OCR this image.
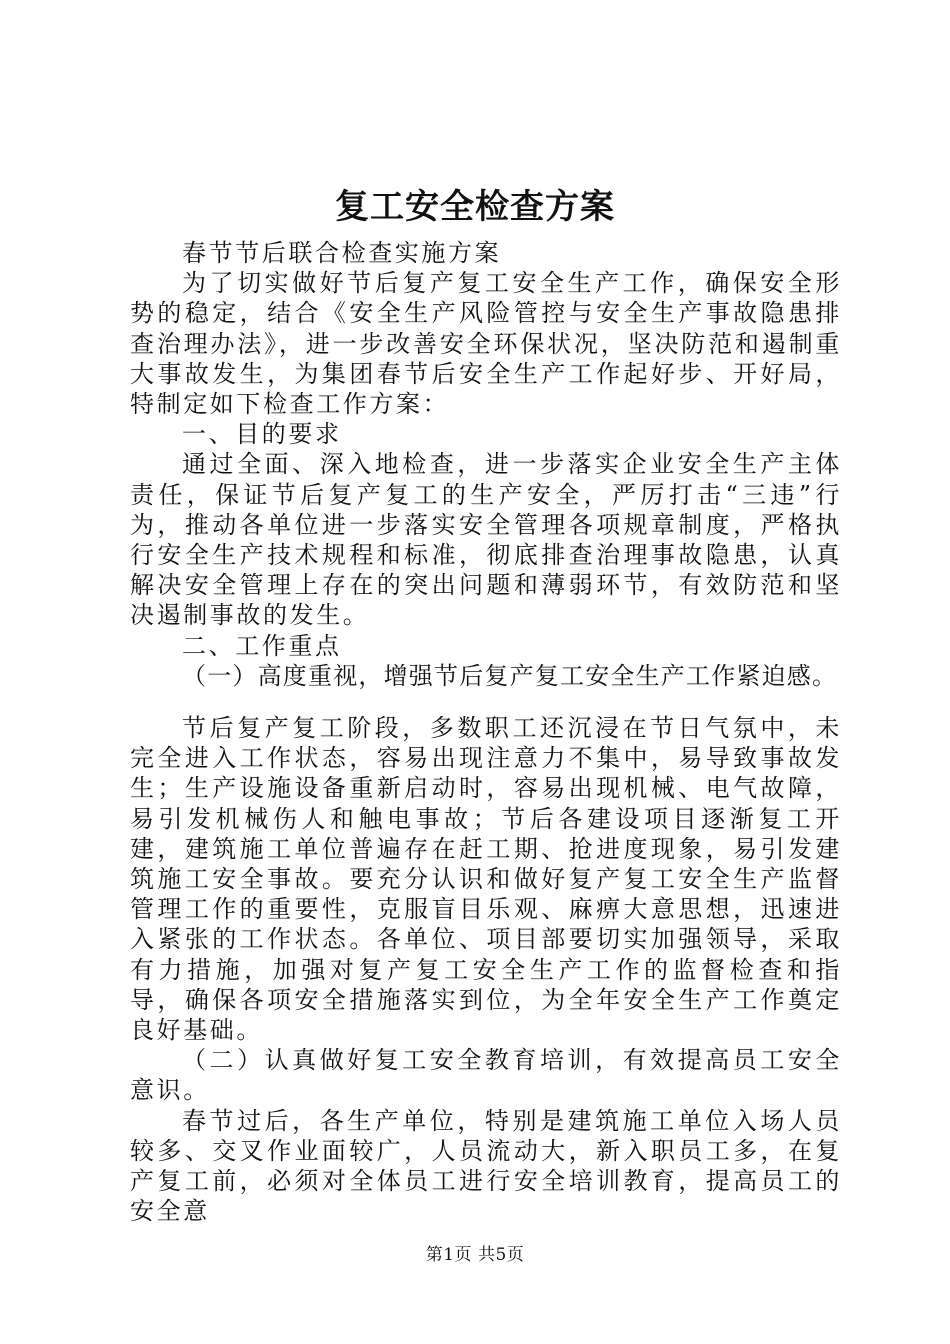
复工安全检查方案

春节节后联合检查实施方案

为了切实做好节后复产复工安全生产工作，确保安全形势的稳定，结合《安全生产风险管控与安全生产事故隐患排查治理办法》，进一步改善安全环保状况，坚决防范和遏制重大事故发生，为集团春节后安全生产工作起好步、开好局，特制定如下检查工作方案：

一、目的要求

通过全面、深入地检查，进一步落实企业安全生产主体责任，保证节后复产复工的生产安全，严厉打击“三违”行为，推动各单位进一步落实安全管理各项规章制度，严格执行安全生产技术规程和标准，彻底排查治理事故隐患，认真解决安全管理上存在的突出问题和薄弱环节，有效防范和坚决遏制事故的发生。

二、工作重点

（一）高度重视，增强节后复产复工安全生产工作紧迫感。

节后复产复工阶段，多数职工还沉浸在节日气氛中，未完全进入工作状态，容易出现注意力不集中，易导致事故发生；生产设施设备重新启动时，容易出现机械、电气故障，易引发机械伤人和触电事故；节后各建设项目逐渐复工开建，建筑施工单位普遍存在赶工期、抢进度现象，易引发建筑施工安全事故。要充分认识和做好复产复工安全生产监督管理工作的重要性，克服盲目乐观、麻痹大意思想，迅速进入紧张的工作状态。各单位、项目部要切实加强领导，采取有力措施，加强对复产复工安全生产工作的监督检查和指导，确保各项安全措施落实到位，为全年安全生产工作奠定良好基础。

（二）认真做好复工安全教育培训，有效提高员工安全意识。

春节过后，各生产单位，特别是建筑施工单位入场人员较多、交叉作业面较广，人员流动大，新入职员工多，在复产复工前，必须对全体员工进行安全培训教育，提高员工的安全意

第1页 共5页
